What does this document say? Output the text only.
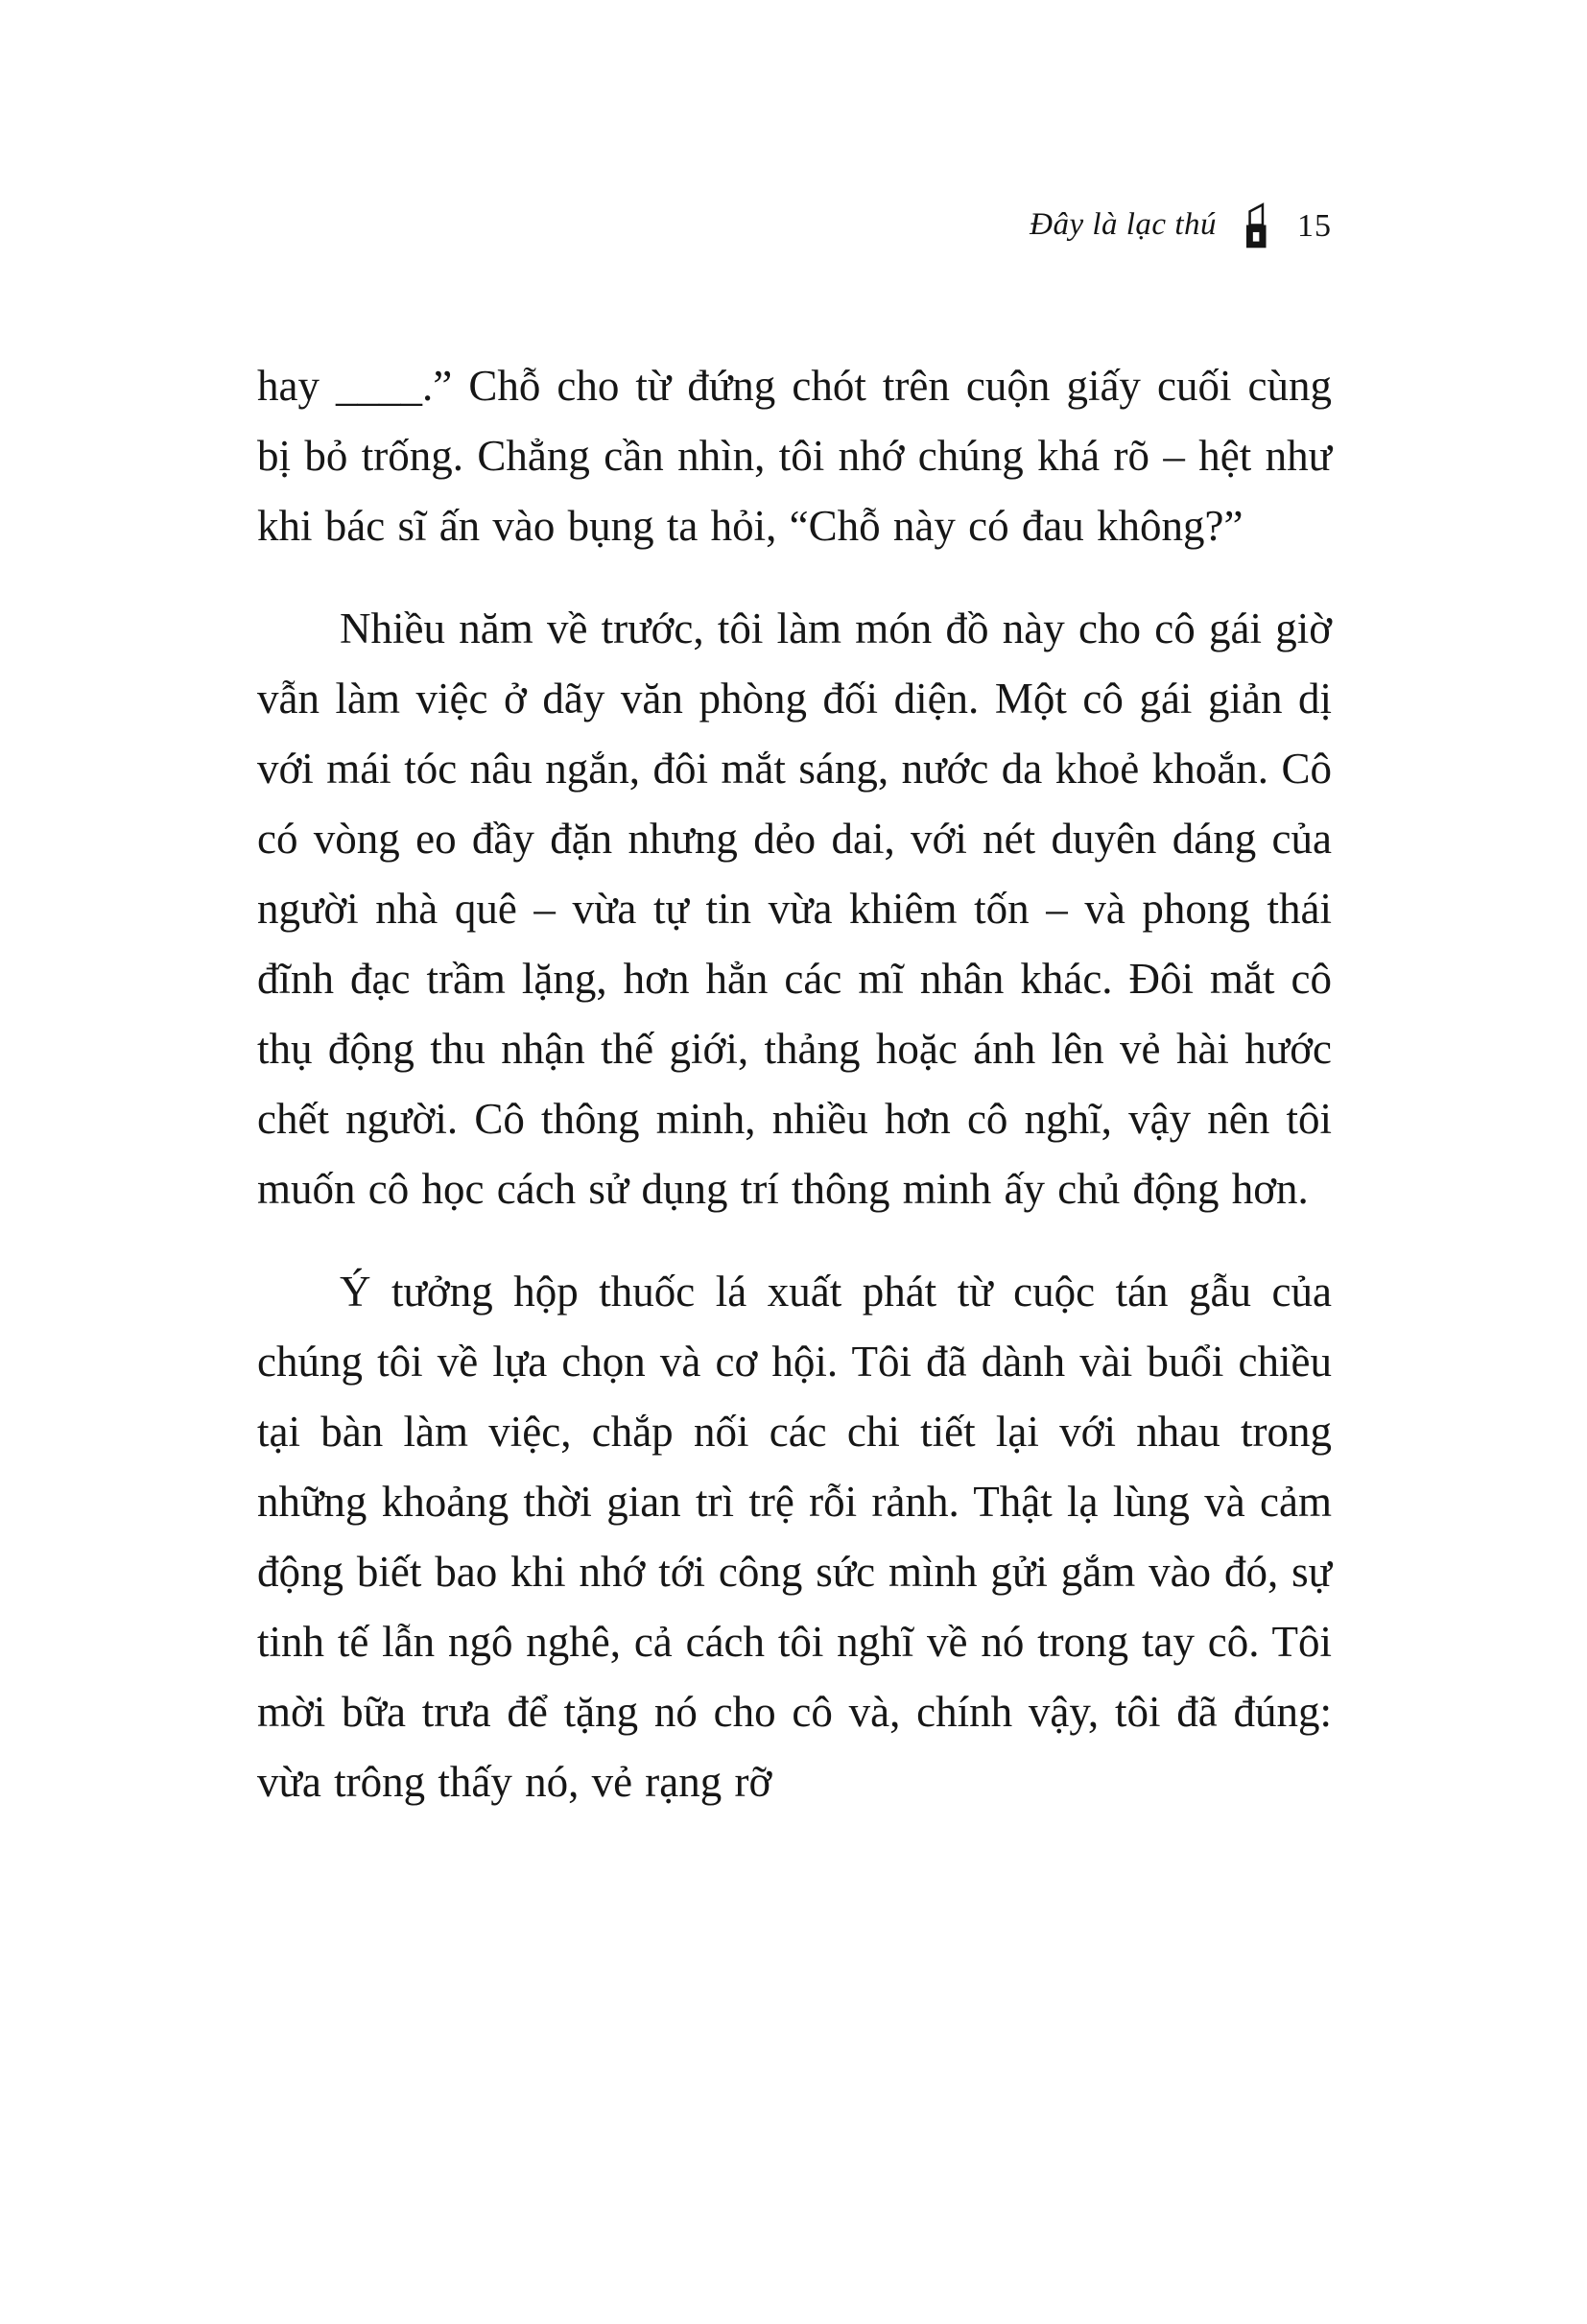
Đây là lạc thú 15

hay ____.” Chỗ cho từ đứng chót trên cuộn giấy cuối cùng bị bỏ trống. Chẳng cần nhìn, tôi nhớ chúng khá rõ – hệt như khi bác sĩ ấn vào bụng ta hỏi, “Chỗ này có đau không?”

Nhiều năm về trước, tôi làm món đồ này cho cô gái giờ vẫn làm việc ở dãy văn phòng đối diện. Một cô gái giản dị với mái tóc nâu ngắn, đôi mắt sáng, nước da khoẻ khoắn. Cô có vòng eo đầy đặn nhưng dẻo dai, với nét duyên dáng của người nhà quê – vừa tự tin vừa khiêm tốn – và phong thái đĩnh đạc trầm lặng, hơn hẳn các mĩ nhân khác. Đôi mắt cô thụ động thu nhận thế giới, thảng hoặc ánh lên vẻ hài hước chết người. Cô thông minh, nhiều hơn cô nghĩ, vậy nên tôi muốn cô học cách sử dụng trí thông minh ấy chủ động hơn.

Ý tưởng hộp thuốc lá xuất phát từ cuộc tán gẫu của chúng tôi về lựa chọn và cơ hội. Tôi đã dành vài buổi chiều tại bàn làm việc, chắp nối các chi tiết lại với nhau trong những khoảng thời gian trì trệ rỗi rảnh. Thật lạ lùng và cảm động biết bao khi nhớ tới công sức mình gửi gắm vào đó, sự tinh tế lẫn ngô nghê, cả cách tôi nghĩ về nó trong tay cô. Tôi mời bữa trưa để tặng nó cho cô và, chính vậy, tôi đã đúng: vừa trông thấy nó, vẻ rạng rỡ
